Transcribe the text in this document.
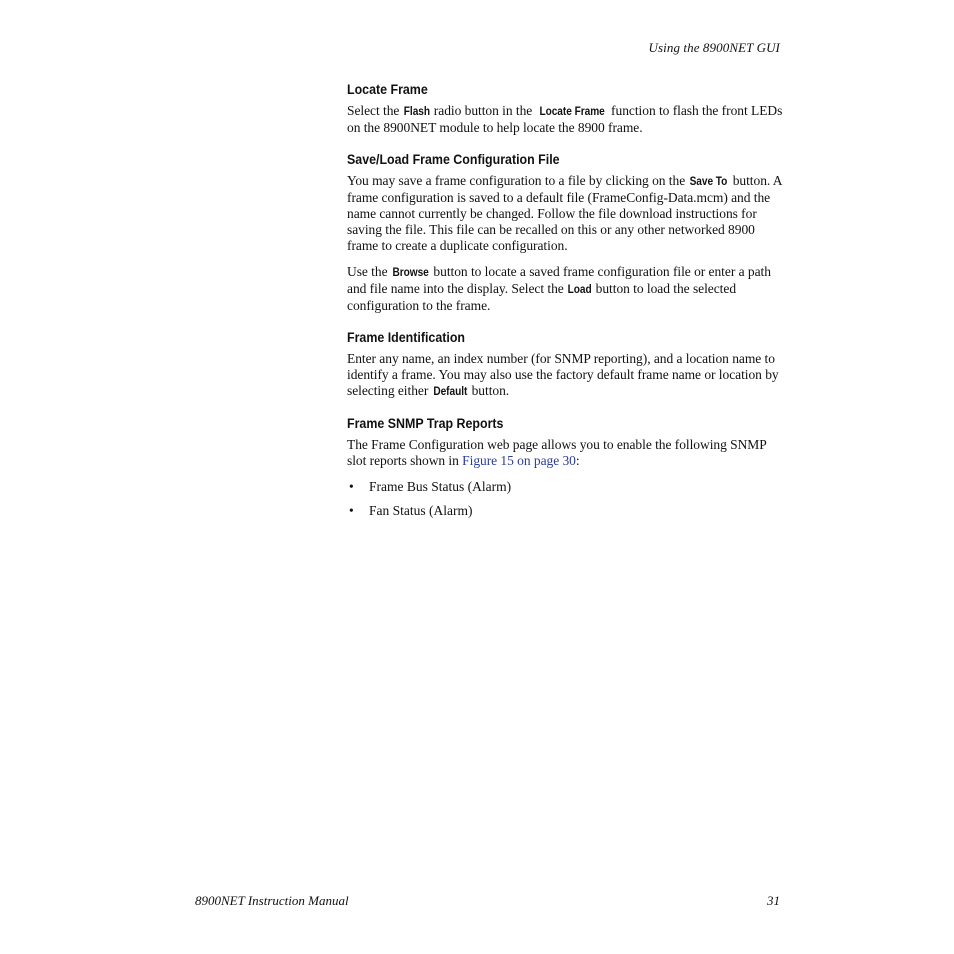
Using the 8900NET GUI
Locate Frame

Select the Flash radio button in the Locate Frame function to flash the front LEDs on the 8900NET module to help locate the 8900 frame.

Save/Load Frame Configuration File

You may save a frame configuration to a file by clicking on the Save To button. A frame configuration is saved to a default file (FrameConfig-Data.mcm) and the name cannot currently be changed. Follow the file download instructions for saving the file. This file can be recalled on this or any other networked 8900 frame to create a duplicate configuration.

Use the Browse button to locate a saved frame configuration file or enter a path and file name into the display. Select the Load button to load the selected configuration to the frame.

Frame Identification

Enter any name, an index number (for SNMP reporting), and a location name to identify a frame. You may also use the factory default frame name or location by selecting either Default button.

Frame SNMP Trap Reports

The Frame Configuration web page allows you to enable the following SNMP slot reports shown in Figure 15 on page 30:

• Frame Bus Status (Alarm)
• Fan Status (Alarm)
8900NET Instruction Manual	31
